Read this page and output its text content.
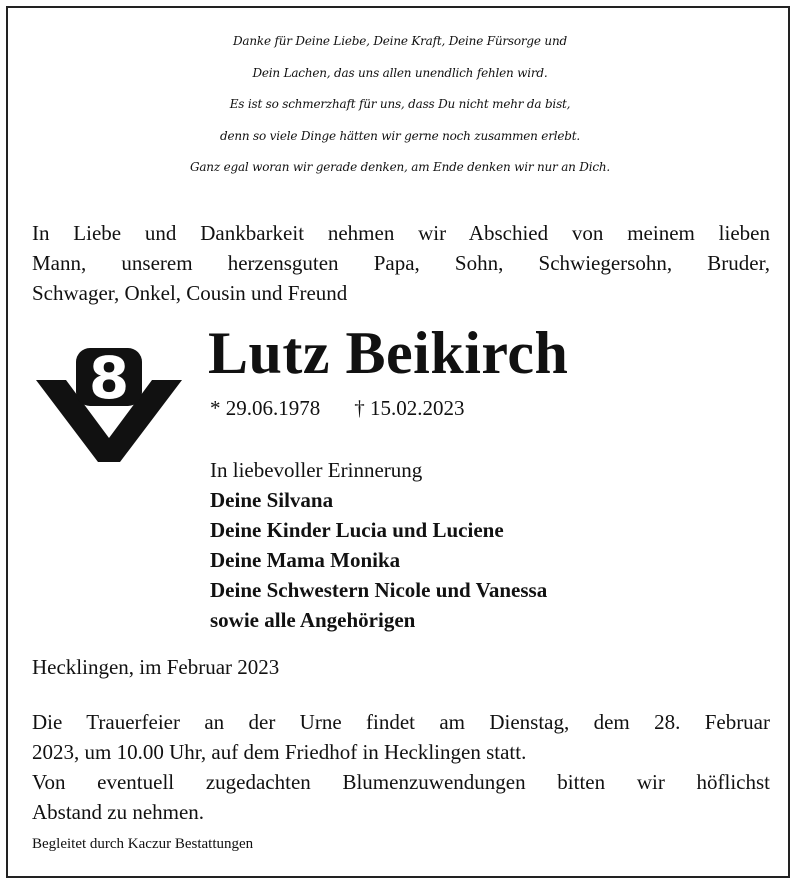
Danke für Deine Liebe, Deine Kraft, Deine Fürsorge und
Dein Lachen, das uns allen unendlich fehlen wird.
Es ist so schmerzhaft für uns, dass Du nicht mehr da bist,
denn so viele Dinge hätten wir gerne noch zusammen erlebt.
Ganz egal woran wir gerade denken, am Ende denken wir nur an Dich.
In Liebe und Dankbarkeit nehmen wir Abschied von meinem lieben
Mann, unserem herzensguten Papa, Sohn, Schwiegersohn, Bruder,
Schwager, Onkel, Cousin und Freund
8 Lutz Beikirch
* 29.06.1978 † 15.02.2023
In liebevoller Erinnerung
Deine Silvana
Deine Kinder Lucia und Luciene
Deine Mama Monika
Deine Schwestern Nicole und Vanessa
sowie alle Angehörigen
Hecklingen, im Februar 2023
Die Trauerfeier an der Urne findet am Dienstag, dem 28. Februar
2023, um 10.00 Uhr, auf dem Friedhof in Hecklingen statt.
Von eventuell zugedachten Blumenzuwendungen bitten wir höflichst
Abstand zu nehmen.
Begleitet durch Kaczur Bestattungen
